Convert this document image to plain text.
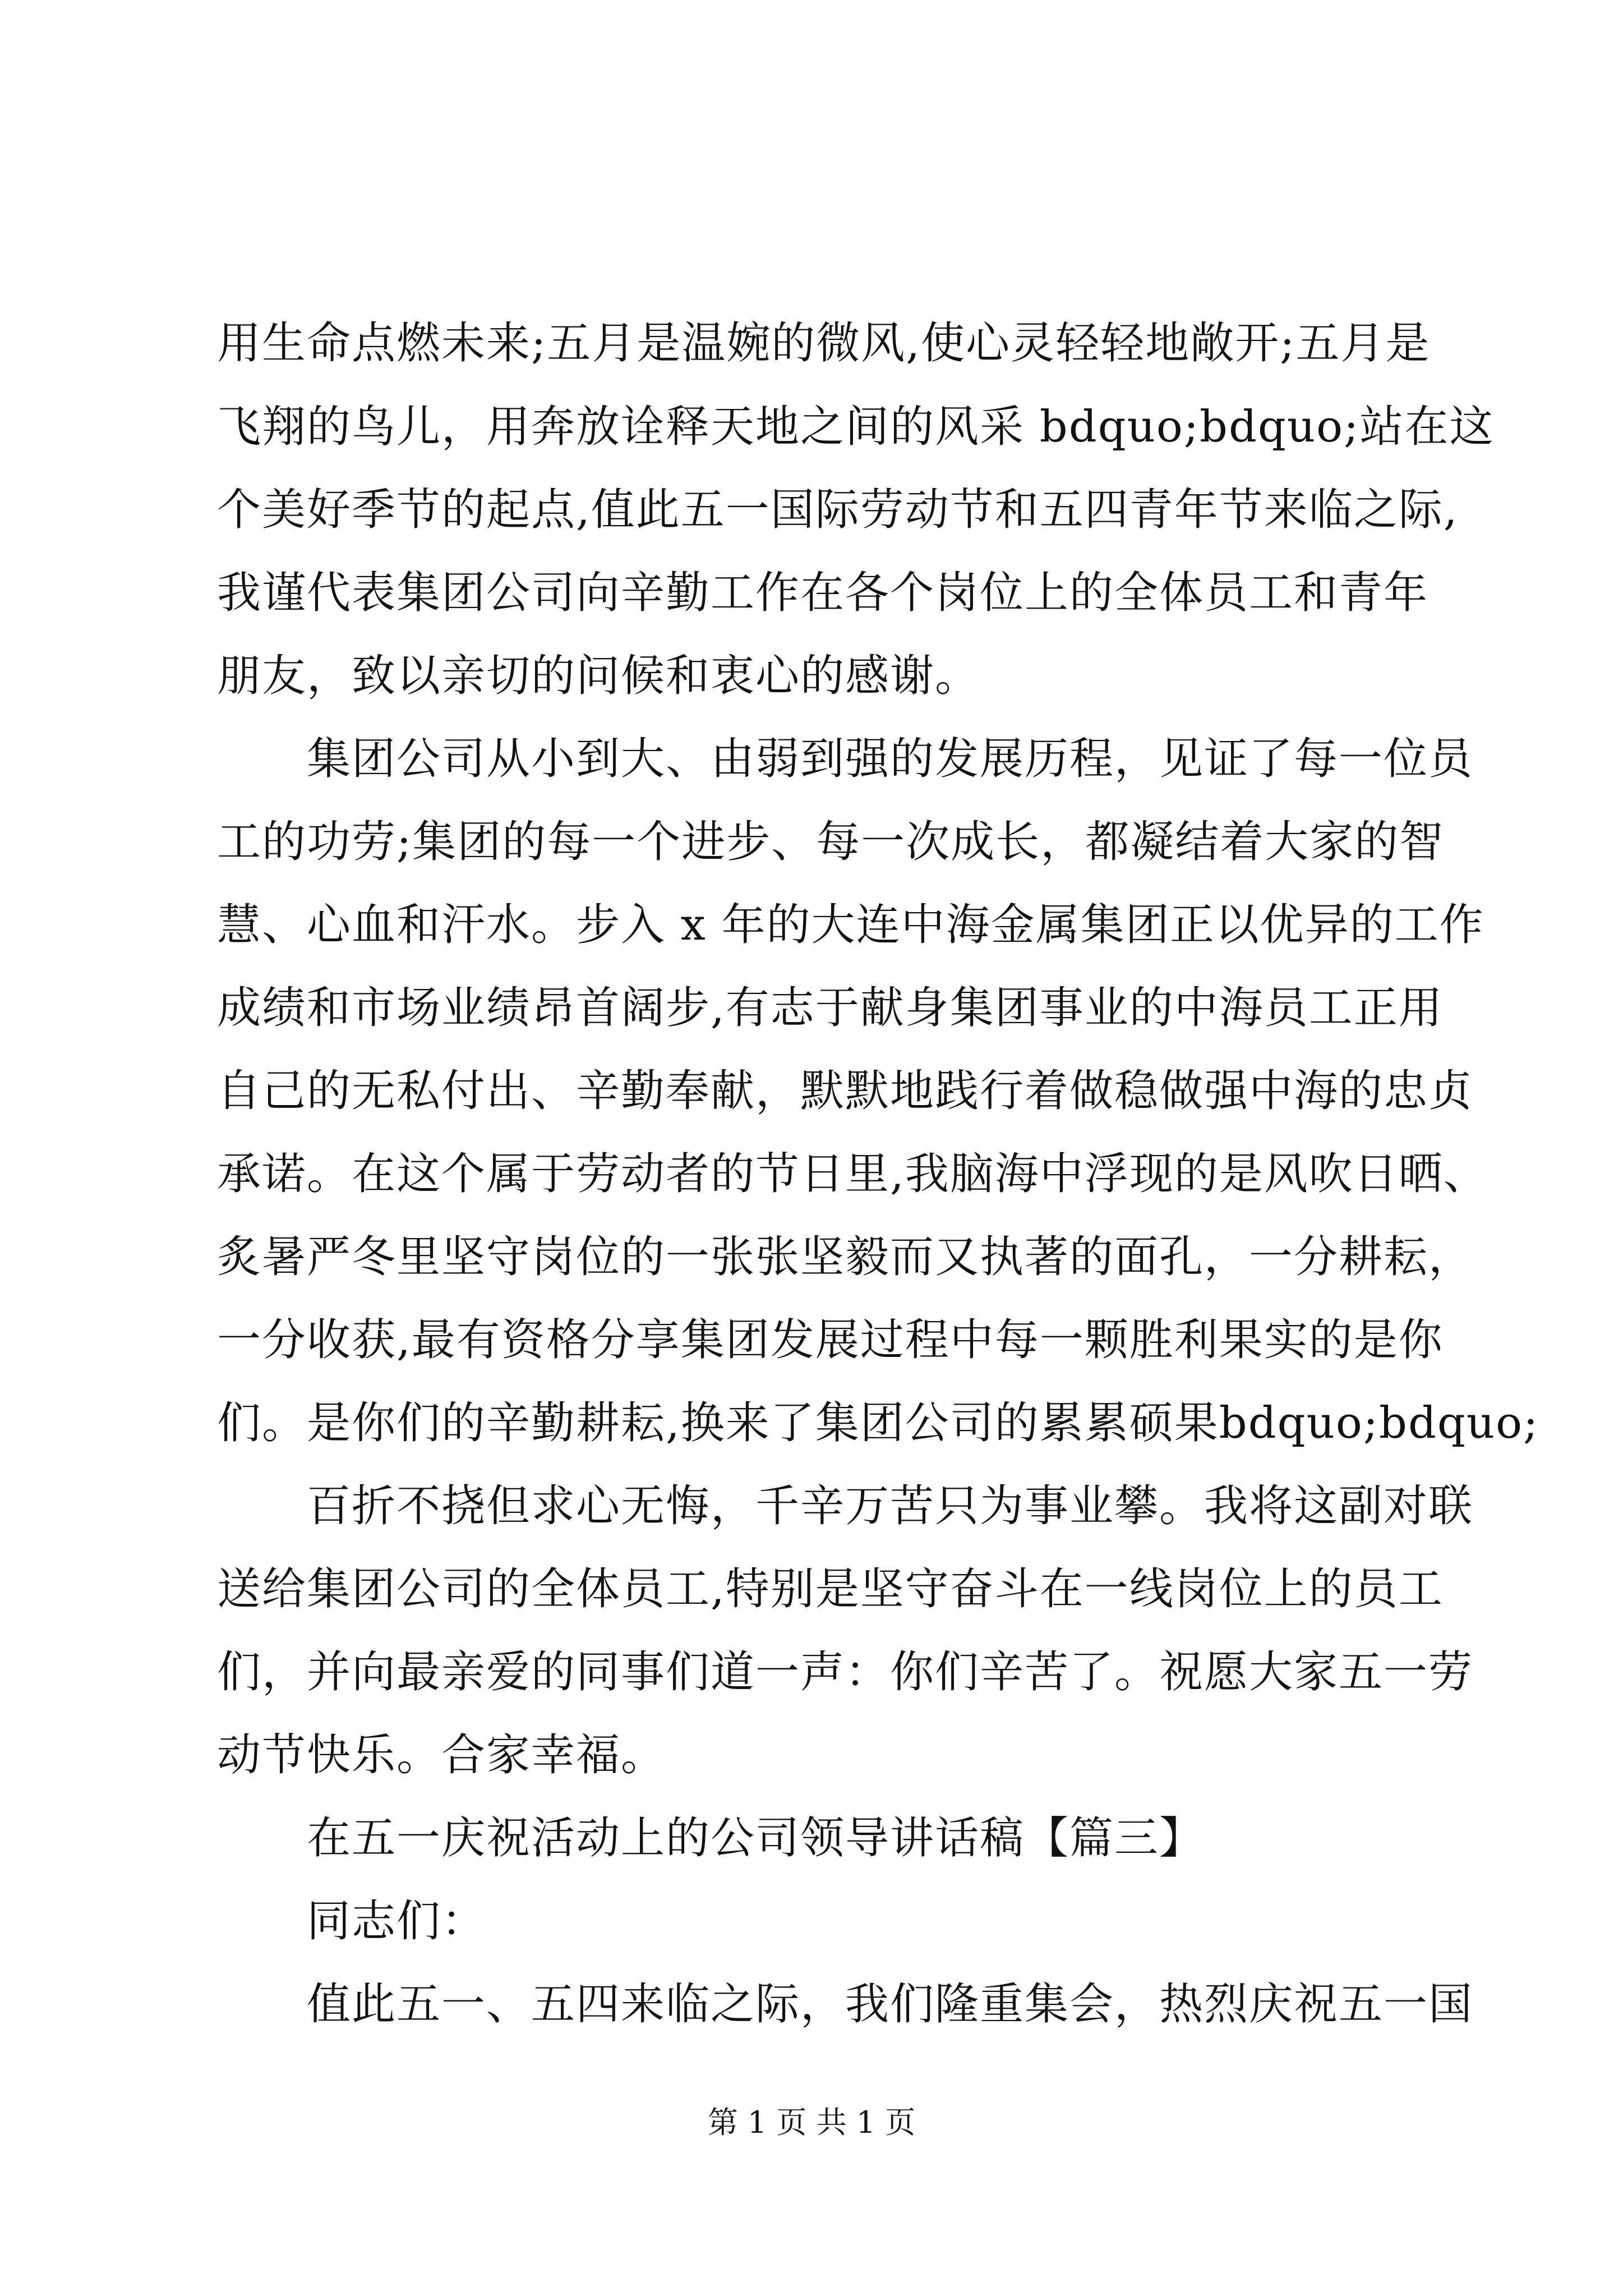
用生命点燃未来;五月是温婉的微风,使心灵轻轻地敞开;五月是
飞翔的鸟儿，用奔放诠释天地之间的风采 bdquo;bdquo;站在这
个美好季节的起点,值此五一国际劳动节和五四青年节来临之际,
我谨代表集团公司向辛勤工作在各个岗位上的全体员工和青年
朋友，致以亲切的问候和衷心的感谢。
集团公司从小到大、由弱到强的发展历程，见证了每一位员
工的功劳;集团的每一个进步、每一次成长，都凝结着大家的智
慧、心血和汗水。步入 x 年的大连中海金属集团正以优异的工作
成绩和市场业绩昂首阔步,有志于献身集团事业的中海员工正用
自己的无私付出、辛勤奉献，默默地践行着做稳做强中海的忠贞
承诺。在这个属于劳动者的节日里,我脑海中浮现的是风吹日晒、
炙暑严冬里坚守岗位的一张张坚毅而又执著的面孔，一分耕耘，
一分收获,最有资格分享集团发展过程中每一颗胜利果实的是你
们。是你们的辛勤耕耘,换来了集团公司的累累硕果bdquo;bdquo;
百折不挠但求心无悔，千辛万苦只为事业攀。我将这副对联
送给集团公司的全体员工,特别是坚守奋斗在一线岗位上的员工
们，并向最亲爱的同事们道一声：你们辛苦了。祝愿大家五一劳
动节快乐。合家幸福。
在五一庆祝活动上的公司领导讲话稿【篇三】
同志们：
值此五一、五四来临之际，我们隆重集会，热烈庆祝五一国
第 1 页 共 1 页
